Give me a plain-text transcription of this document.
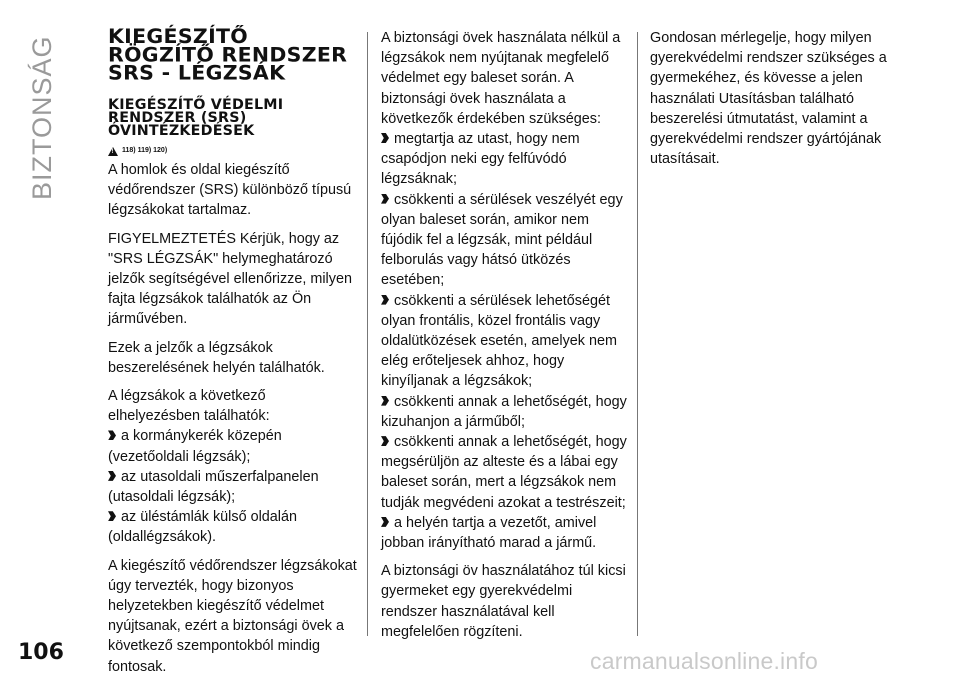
BIZTONSÁG KIEGÉSZÍTŐ RÖGZÍTŐ RENDSZER SRS - LÉGZSÁK
KIEGÉSZÍTŐ VÉDELMI RENDSZER (SRS) ÓVINTÉZKEDÉSEK
!
118) 119) 120)

A homlok és oldal kiegészítő védőrendszer (SRS) különböző típusú légzsákokat tartalmaz.

FIGYELMEZTETÉS Kérjük, hogy az "SRS LÉGZSÁK" helymeghatározó jelzők segítségével ellenőrizze, milyen fajta légzsákok találhatók az Ön járművében.

Ezek a jelzők a légzsákok beszerelésének helyén találhatók.

A légzsákok a következő elhelyezésben találhatók:

a kormánykerék közepén (vezetőoldali légzsák);
az utasoldali műszerfalpanelen (utasoldali légzsák);
az üléstámlák külső oldalán (oldallégzsákok).

A kiegészítő védőrendszer légzsákokat úgy tervezték, hogy bizonyos helyzetekben kiegészítő védelmet nyújtsanak, ezért a biztonsági övek a következő szempontokból mindig fontosak.

A biztonsági övek használata nélkül a légzsákok nem nyújtanak megfelelő védelmet egy baleset során. A biztonsági övek használata a következők érdekében szükséges:

megtartja az utast, hogy nem csapódjon neki egy felfúvódó légzsáknak;
csökkenti a sérülések veszélyét egy olyan baleset során, amikor nem fújódik fel a légzsák, mint például felborulás vagy hátsó ütközés esetében;
csökkenti a sérülések lehetőségét olyan frontális, közel frontális vagy oldalütközések esetén, amelyek nem elég erőteljesek ahhoz, hogy kinyíljanak a légzsákok;
csökkenti annak a lehetőségét, hogy kizuhanjon a járműből;
csökkenti annak a lehetőségét, hogy megsérüljön az alteste és a lábai egy baleset során, mert a légzsákok nem tudják megvédeni azokat a testrészeit;
a helyén tartja a vezetőt, amivel jobban irányítható marad a jármű.

A biztonsági öv használatához túl kicsi gyermeket egy gyerekvédelmi rendszer használatával kell megfelelően rögzíteni.

Gondosan mérlegelje, hogy milyen gyerekvédelmi rendszer szükséges a gyermekéhez, és kövesse a jelen használati Utasításban található beszerelési útmutatást, valamint a gyerekvédelmi rendszer gyártójának utasításait.

106	carmanualsonline.info
